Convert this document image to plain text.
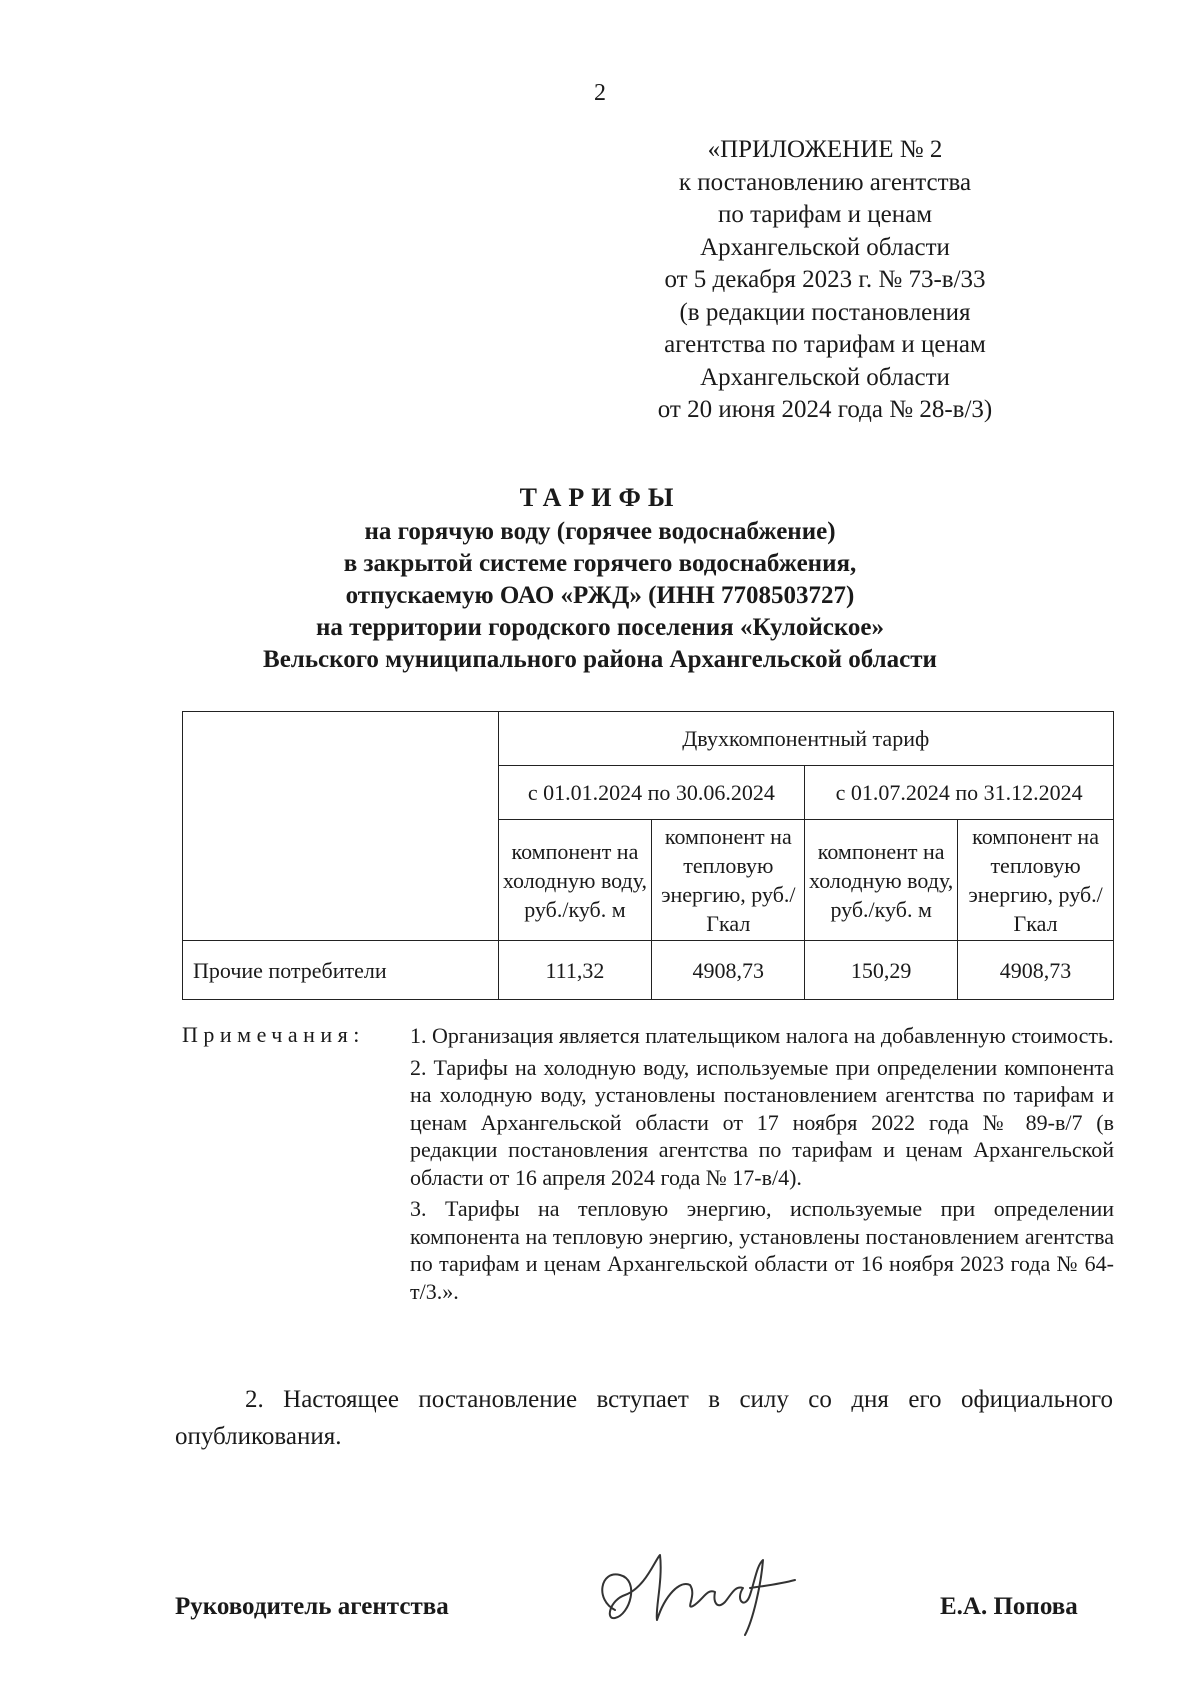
2
«ПРИЛОЖЕНИЕ № 2
к постановлению агентства
по тарифам и ценам
Архангельской области
от 5 декабря 2023 г. № 73-в/33
(в редакции постановления
агентства по тарифам и ценам
Архангельской области
от 20 июня 2024 года № 28-в/3)
ТАРИФЫ
на горячую воду (горячее водоснабжение)
в закрытой системе горячего водоснабжения,
отпускаемую ОАО «РЖД» (ИНН 7708503727)
на территории городского поселения «Кулойское»
Вельского муниципального района Архангельской области
	Двухкомпонентный тариф			
	с 01.01.2024 по 30.06.2024		с 01.07.2024 по 31.12.2024	
	компонент на холодную воду, руб./куб. м	компонент на тепловую энергию, руб./Гкал	компонент на холодную воду, руб./куб. м	компонент на тепловую энергию, руб./Гкал
Прочие потребители	111,32	4908,73	150,29	4908,73
Примечания: 1. Организация является плательщиком налога на добавленную стоимость.

2. Тарифы на холодную воду, используемые при определении компонента на холодную воду, установлены постановлением агентства по тарифам и ценам Архангельской области от 17 ноября 2022 года № 89-в/7 (в редакции постановления агентства по тарифам и ценам Архангельской области от 16 апреля 2024 года № 17-в/4).

3. Тарифы на тепловую энергию, используемые при определении компонента на тепловую энергию, установлены постановлением агентства по тарифам и ценам Архангельской области от 16 ноября 2023 года № 64-т/3.».

2. Настоящее постановление вступает в силу со дня его официального опубликования.
Руководитель агентства	Е.А. Попова
